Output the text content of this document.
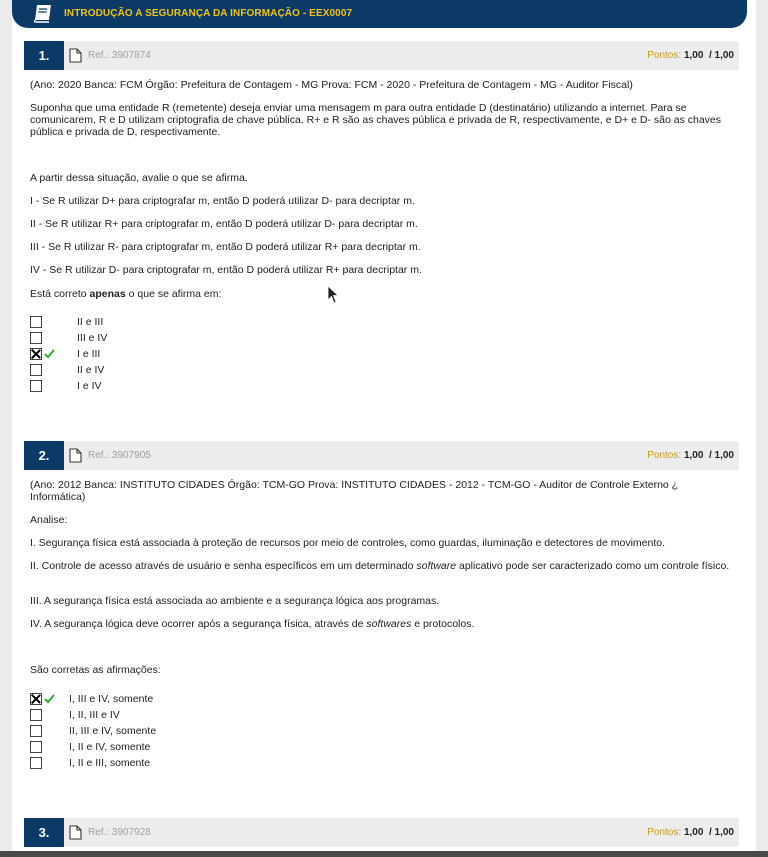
INTRODUÇÃO A SEGURANÇA DA INFORMAÇÃO - EEX0007
1.	Ref.: 3907874	Pontos: 1,00 / 1,00
(Ano: 2020 Banca: FCM Órgão: Prefeitura de Contagem - MG Prova: FCM - 2020 - Prefeitura de Contagem - MG - Auditor Fiscal)
Suponha que uma entidade R (remetente) deseja enviar uma mensagem m para outra entidade D (destinatário) utilizando a internet. Para se comunicarem, R e D utilizam criptografia de chave pública. R+ e R são as chaves pública e privada de R, respectivamente, e D+ e D- são as chaves pública e privada de D, respectivamente.
A partir dessa situação, avalie o que se afirma.
I - Se R utilizar D+ para criptografar m, então D poderá utilizar D- para decriptar m.
II - Se R utilizar R+ para criptografar m, então D poderá utilizar D- para decriptar m.
III - Se R utilizar R- para criptografar m, então D poderá utilizar R+ para decriptar m.
IV - Se R utilizar D- para criptografar m, então D poderá utilizar R+ para decriptar m.
Está correto apenas o que se afirma em:
II e III
III e IV
I e III
II e IV
I e IV
2.	Ref.: 3907905	Pontos: 1,00 / 1,00
(Ano: 2012 Banca: INSTITUTO CIDADES Órgão: TCM-GO Prova: INSTITUTO CIDADES - 2012 - TCM-GO - Auditor de Controle Externo ¿ Informática)
Analise:
I. Segurança física está associada à proteção de recursos por meio de controles, como guardas, iluminação e detectores de movimento.
II. Controle de acesso através de usuário e senha específicos em um determinado software aplicativo pode ser caracterizado como um controle físico.
III. A segurança física está associada ao ambiente e a segurança lógica aos programas.
IV. A segurança lógica deve ocorrer após a segurança física, através de softwares e protocolos.
São corretas as afirmações:
I, III e IV, somente
I, II, III e IV
II, III e IV, somente
I, II e IV, somente
I, II e III, somente
3.	Ref.: 3907928	Pontos: 1,00 / 1,00
